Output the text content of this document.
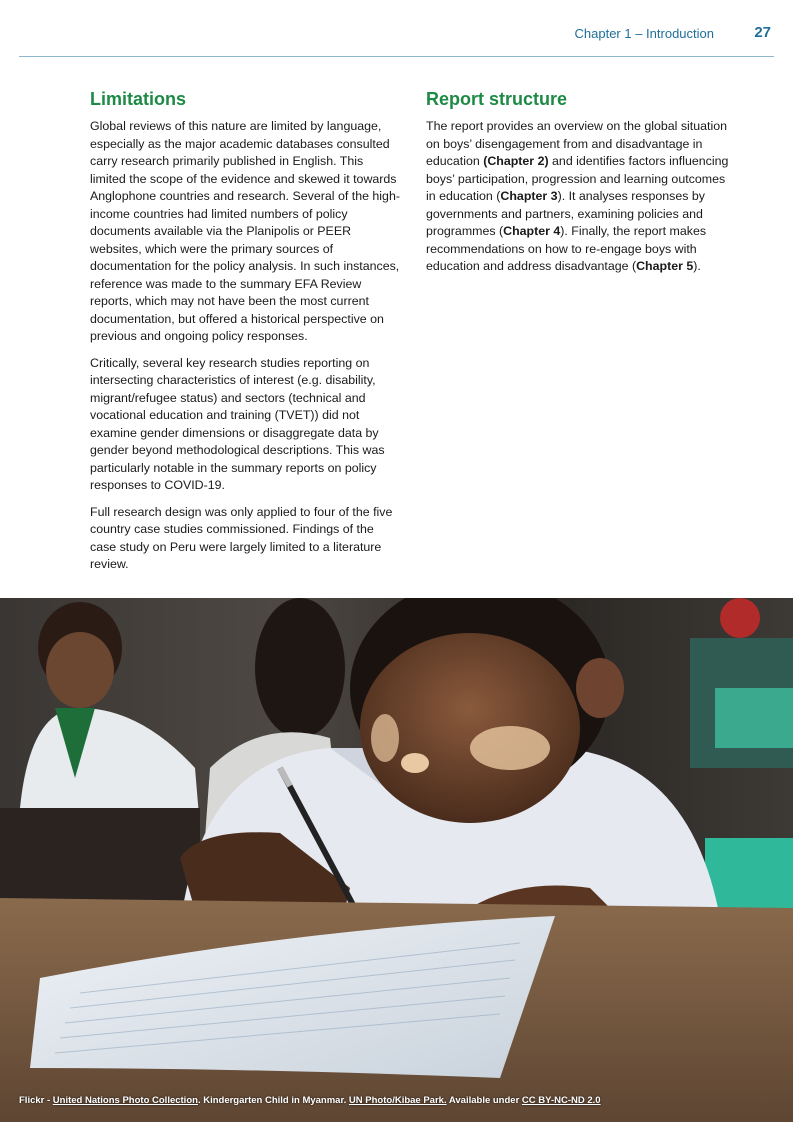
Chapter 1 – Introduction	27
Limitations

Global reviews of this nature are limited by language, especially as the major academic databases consulted carry research primarily published in English. This limited the scope of the evidence and skewed it towards Anglophone countries and research. Several of the high-income countries had limited numbers of policy documents available via the Planipolis or PEER websites, which were the primary sources of documentation for the policy analysis. In such instances, reference was made to the summary EFA Review reports, which may not have been the most current documentation, but offered a historical perspective on previous and ongoing policy responses.

Critically, several key research studies reporting on intersecting characteristics of interest (e.g. disability, migrant/refugee status) and sectors (technical and vocational education and training (TVET)) did not examine gender dimensions or disaggregate data by gender beyond methodological descriptions. This was particularly notable in the summary reports on policy responses to COVID-19.

Full research design was only applied to four of the five country case studies commissioned. Findings of the case study on Peru were largely limited to a literature review.

Report structure

The report provides an overview on the global situation on boys’ disengagement from and disadvantage in education (Chapter 2) and identifies factors influencing boys’ participation, progression and learning outcomes in education (Chapter 3). It analyses responses by governments and partners, examining policies and programmes (Chapter 4). Finally, the report makes recommendations on how to re-engage boys with education and address disadvantage (Chapter 5).

Flickr - United Nations Photo Collection. Kindergarten Child in Myanmar. UN Photo/Kibae Park. Available under CC BY-NC-ND 2.0
